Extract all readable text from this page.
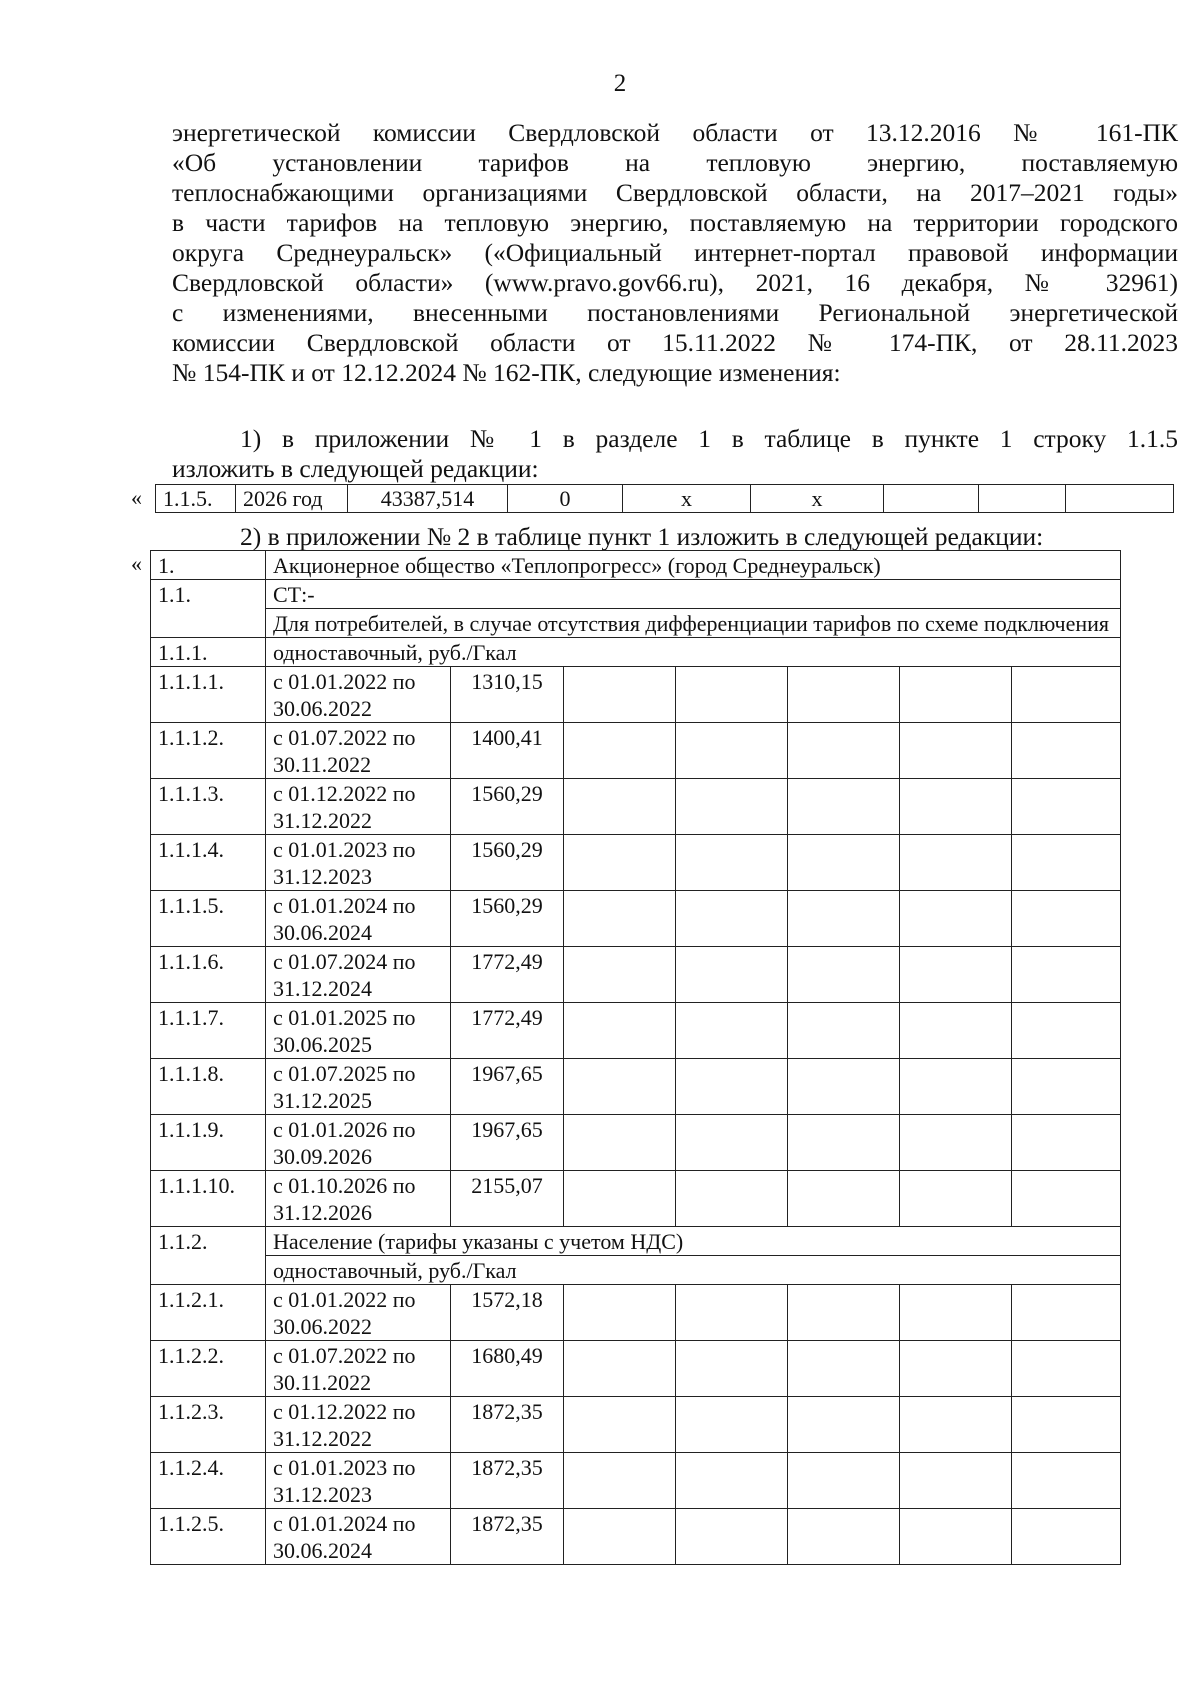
2
энергетической комиссии Свердловской области от 13.12.2016 № 161-ПК
«Об установлении тарифов на тепловую энергию, поставляемую
теплоснабжающими организациями Свердловской области, на 2017–2021 годы»
в части тарифов на тепловую энергию, поставляемую на территории городского
округа Среднеуральск» («Официальный интернет-портал правовой информации
Свердловской области» (www.pravo.gov66.ru), 2021, 16 декабря, № 32961)
с изменениями, внесенными постановлениями Региональной энергетической
комиссии Свердловской области от 15.11.2022 № 174-ПК, от 28.11.2023
№ 154-ПК и от 12.12.2024 № 162-ПК, следующие изменения:
1) в приложении № 1 в разделе 1 в таблице в пункте 1 строку 1.1.5
изложить в следующей редакции:
« 1.1.5.	2026 год	43387,514	0	х	х			
2) в приложении № 2 в таблице пункт 1 изложить в следующей редакции:
« 1.	Акционерное общество «Теплопрогресс» (город Среднеуральск)						
1.1.	СТ:-						
	Для потребителей, в случае отсутствия дифференциации тарифов по схеме подключения						
1.1.1.	одноставочный, руб./Гкал						
1.1.1.1.	с 01.01.2022 по 30.06.2022	1310,15					
1.1.1.2.	с 01.07.2022 по 30.11.2022	1400,41					
1.1.1.3.	с 01.12.2022 по 31.12.2022	1560,29					
1.1.1.4.	с 01.01.2023 по 31.12.2023	1560,29					
1.1.1.5.	с 01.01.2024 по 30.06.2024	1560,29					
1.1.1.6.	с 01.07.2024 по 31.12.2024	1772,49					
1.1.1.7.	с 01.01.2025 по 30.06.2025	1772,49					
1.1.1.8.	с 01.07.2025 по 31.12.2025	1967,65					
1.1.1.9.	с 01.01.2026 по 30.09.2026	1967,65					
1.1.1.10.	с 01.10.2026 по 31.12.2026	2155,07					
1.1.2.	Население (тарифы указаны с учетом НДС)						
	одноставочный, руб./Гкал						
1.1.2.1.	с 01.01.2022 по 30.06.2022	1572,18					
1.1.2.2.	с 01.07.2022 по 30.11.2022	1680,49					
1.1.2.3.	с 01.12.2022 по 31.12.2022	1872,35					
1.1.2.4.	с 01.01.2023 по 31.12.2023	1872,35					
1.1.2.5.	с 01.01.2024 по 30.06.2024	1872,35					
